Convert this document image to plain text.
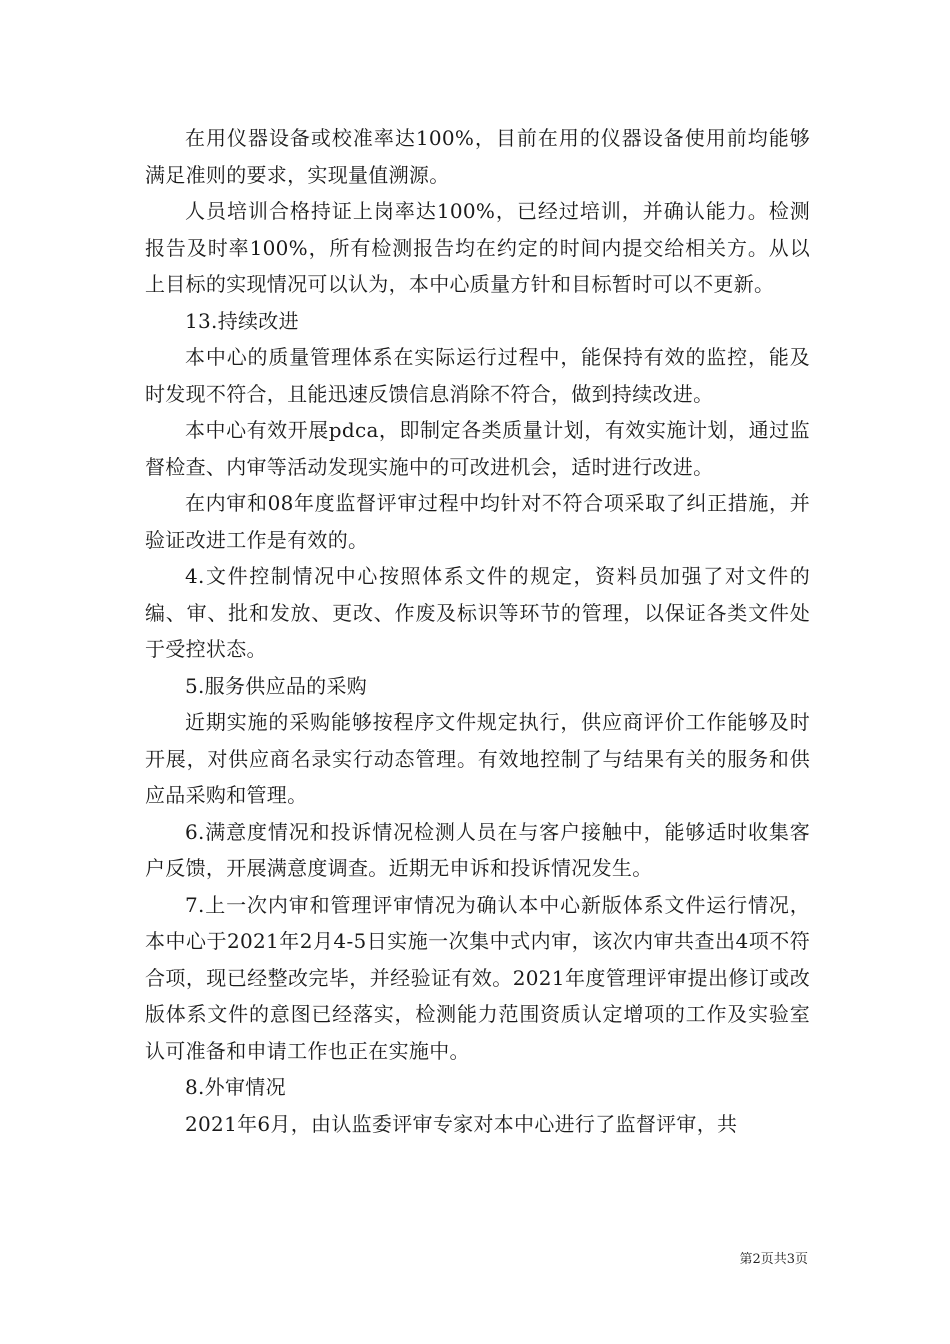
在用仪器设备或校准率达100%，目前在用的仪器设备使用前均能够满足准则的要求，实现量值溯源。

人员培训合格持证上岗率达100%，已经过培训，并确认能力。检测报告及时率100%，所有检测报告均在约定的时间内提交给相关方。从以上目标的实现情况可以认为，本中心质量方针和目标暂时可以不更新。

13.持续改进

本中心的质量管理体系在实际运行过程中，能保持有效的监控，能及时发现不符合，且能迅速反馈信息消除不符合，做到持续改进。

本中心有效开展pdca，即制定各类质量计划，有效实施计划，通过监督检查、内审等活动发现实施中的可改进机会，适时进行改进。

在内审和08年度监督评审过程中均针对不符合项采取了纠正措施，并验证改进工作是有效的。

4.文件控制情况中心按照体系文件的规定，资料员加强了对文件的编、审、批和发放、更改、作废及标识等环节的管理，以保证各类文件处于受控状态。

5.服务供应品的采购

近期实施的采购能够按程序文件规定执行，供应商评价工作能够及时开展，对供应商名录实行动态管理。有效地控制了与结果有关的服务和供应品采购和管理。

6.满意度情况和投诉情况检测人员在与客户接触中，能够适时收集客户反馈，开展满意度调查。近期无申诉和投诉情况发生。

7.上一次内审和管理评审情况为确认本中心新版体系文件运行情况，本中心于2021年2月4-5日实施一次集中式内审，该次内审共查出4项不符合项，现已经整改完毕，并经验证有效。2021年度管理评审提出修订或改版体系文件的意图已经落实，检测能力范围资质认定增项的工作及实验室认可准备和申请工作也正在实施中。

8.外审情况

2021年6月，由认监委评审专家对本中心进行了监督评审，共

第2页共3页
